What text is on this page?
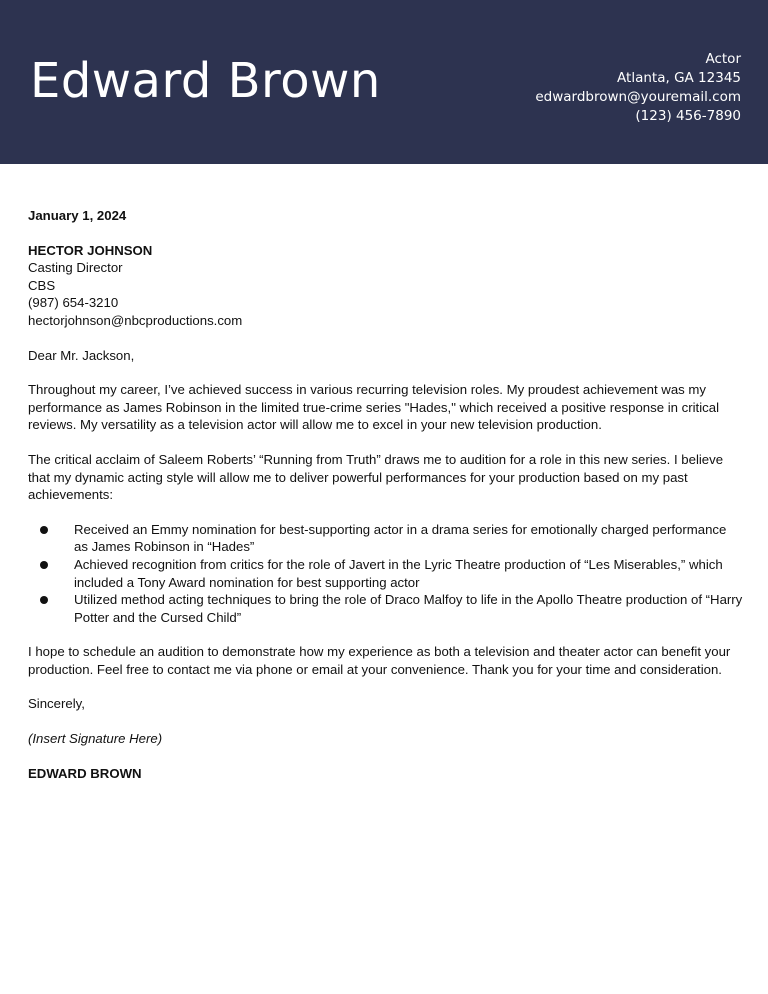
Edward Brown	Actor
Atlanta, GA 12345
edwardbrown@youremail.com
(123) 456-7890
January 1, 2024
HECTOR JOHNSON
Casting Director
CBS
(987) 654-3210
hectorjohnson@nbcproductions.com
Dear Mr. Jackson,

Throughout my career, I’ve achieved success in various recurring television roles. My proudest achievement was my performance as James Robinson in the limited true-crime series "Hades," which received a positive response in critical reviews. My versatility as a television actor will allow me to excel in your new television production.

The critical acclaim of Saleem Roberts’ “Running from Truth” draws me to audition for a role in this new series. I believe that my dynamic acting style will allow me to deliver powerful performances for your production based on my past achievements:

Received an Emmy nomination for best-supporting actor in a drama series for emotionally charged performance as James Robinson in “Hades”
Achieved recognition from critics for the role of Javert in the Lyric Theatre production of “Les Miserables,” which included a Tony Award nomination for best supporting actor
Utilized method acting techniques to bring the role of Draco Malfoy to life in the Apollo Theatre production of “Harry Potter and the Cursed Child”

I hope to schedule an audition to demonstrate how my experience as both a television and theater actor can benefit your production. Feel free to contact me via phone or email at your convenience. Thank you for your time and consideration.

Sincerely,
(Insert Signature Here)
EDWARD BROWN
